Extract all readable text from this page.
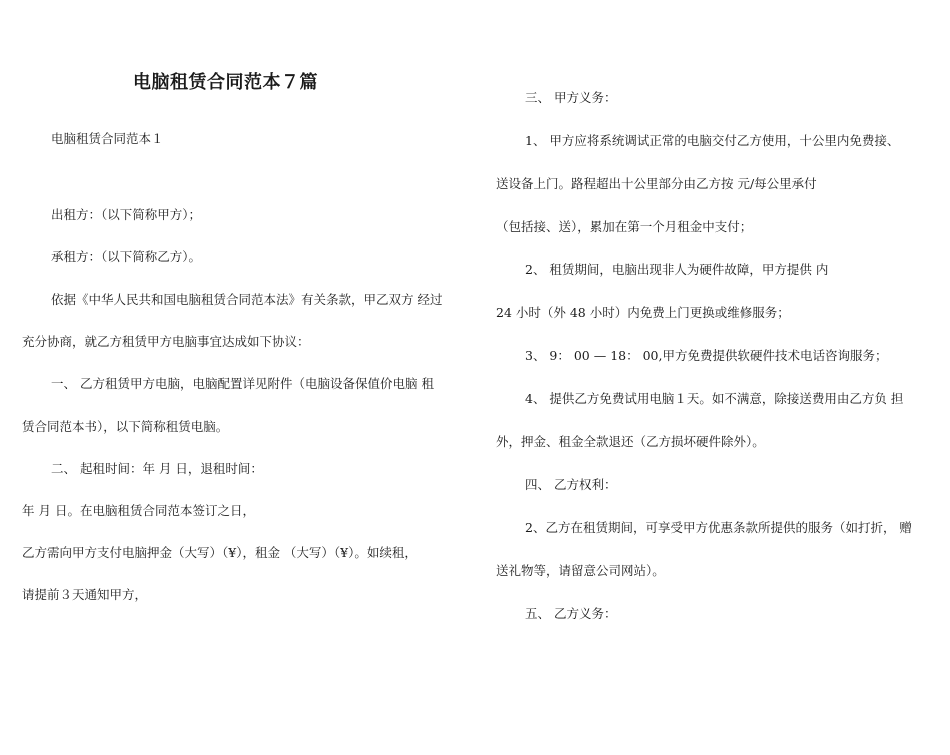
电脑租赁合同范本７篇
电脑租赁合同范本１
出租方：（以下简称甲方）；
承租方：（以下简称乙方）。
依据《中华人民共和国电脑租赁合同范本法》有关条款，甲乙双方 经过
充分协商，就乙方租赁甲方电脑事宜达成如下协议：
一、 乙方租赁甲方电脑，电脑配置详见附件（电脑设备保值价电脑 租
赁合同范本书），以下简称租赁电脑。
二、 起租时间：年 月 日，退租时间：
年 月 日。在电脑租赁合同范本签订之日，
乙方需向甲方支付电脑押金（大写）（¥），租金 （大写）（¥）。如续租，
请提前３天通知甲方，
三、 甲方义务：
1、 甲方应将系统调试正常的电脑交付乙方使用，十公里内免费接、
送设备上门。路程超出十公里部分由乙方按 元/每公里承付
（包括接、送），累加在第一个月租金中支付；
2、 租赁期间，电脑出现非人为硬件故障，甲方提供 内
24 小时（外 48 小时）内免费上门更换或维修服务；
3、 9： 00 — 18： 00,甲方免费提供软硬件技术电话咨询服务；
4、 提供乙方免费试用电脑１天。如不满意，除接送费用由乙方负 担
外，押金、租金全款退还（乙方损坏硬件除外）。
四、 乙方权利：
2、乙方在租赁期间，可享受甲方优惠条款所提供的服务（如打折， 赠
送礼物等，请留意公司网站）。
五、 乙方义务：
